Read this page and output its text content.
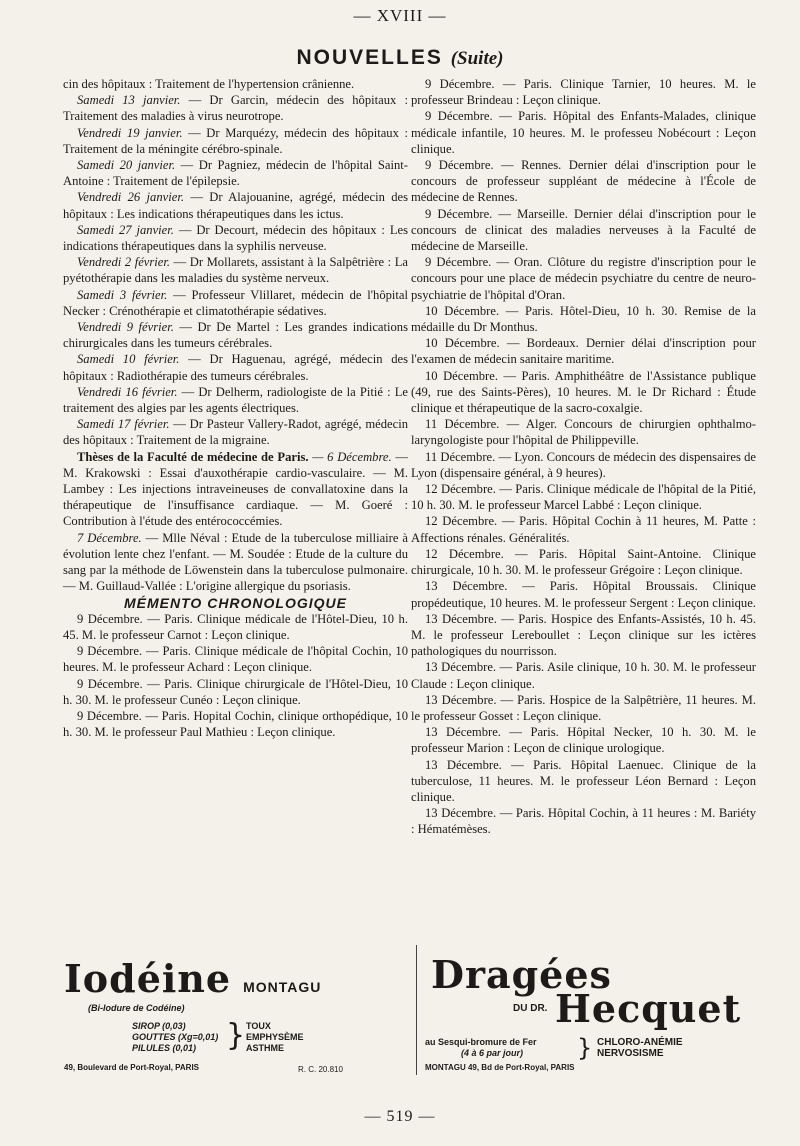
— XVIII —
NOUVELLES (Suite)

cin des hôpitaux : Traitement de l'hypertension crânienne.

Samedi 13 janvier. — Dr Garcin, médecin des hôpitaux : Traitement des maladies à virus neurotrope.

Vendredi 19 janvier. — Dr Marquézy, médecin des hôpitaux : Traitement de la méningite cérébro-spinale.

Samedi 20 janvier. — Dr Pagniez, médecin de l'hôpital Saint-Antoine : Traitement de l'épilepsie.

Vendredi 26 janvier. — Dr Alajouanine, agrégé, médecin des hôpitaux : Les indications thérapeutiques dans les ictus.

Samedi 27 janvier. — Dr Decourt, médecin des hôpitaux : Les indications thérapeutiques dans la syphilis nerveuse.

Vendredi 2 février. — Dr Mollarets, assistant à la Salpêtrière : La pyétothérapie dans les maladies du système nerveux.

Samedi 3 février. — Professeur Vlillaret, médecin de l'hôpital Necker : Crénothérapie et climatothérapie sédatives.

Vendredi 9 février. — Dr De Martel : Les grandes indications chirurgicales dans les tumeurs cérébrales.

Samedi 10 février. — Dr Haguenau, agrégé, médecin des hôpitaux : Radiothérapie des tumeurs cérébrales.

Vendredi 16 février. — Dr Delherm, radiologiste de la Pitié : Le traitement des algies par les agents électriques.

Samedi 17 février. — Dr Pasteur Vallery-Radot, agrégé, médecin des hôpitaux : Traitement de la migraine.

Thèses de la Faculté de médecine de Paris. — 6 Décembre. — M. Krakowski : Essai d'auxothérapie cardio-vasculaire. — M. Lambey : Les injections intraveineuses de convallatoxine dans la thérapeutique de l'insuffisance cardiaque. — M. Goeré : Contribution à l'étude des entérococcémies.

7 Décembre. — Mlle Néval : Etude de la tuberculose milliaire à évolution lente chez l'enfant. — M. Soudée : Etude de la culture du sang par la méthode de Löwenstein dans la tuberculose pulmonaire. — M. Guillaud-Vallée : L'origine allergique du psoriasis.

MÉMENTO CHRONOLOGIQUE

9 Décembre. — Paris. Clinique médicale de l'Hôtel-Dieu, 10 h. 45. M. le professeur Carnot : Leçon clinique.

9 Décembre. — Paris. Clinique médicale de l'hôpital Cochin, 10 heures. M. le professeur Achard : Leçon clinique.

9 Décembre. — Paris. Clinique chirurgicale de l'Hôtel-Dieu, 10 h. 30. M. le professeur Cunéo : Leçon clinique.

9 Décembre. — Paris. Hopital Cochin, clinique orthopédique, 10 h. 30. M. le professeur Paul Mathieu : Leçon clinique.

9 Décembre. — Paris. Clinique Tarnier, 10 heures. M. le professeur Brindeau : Leçon clinique.

9 Décembre. — Paris. Hôpital des Enfants-Malades, clinique médicale infantile, 10 heures. M. le professeu Nobécourt : Leçon clinique.

9 Décembre. — Rennes. Dernier délai d'inscription pour le concours de professeur suppléant de médecine à l'École de médecine de Rennes.

9 Décembre. — Marseille. Dernier délai d'inscription pour le concours de clinicat des maladies nerveuses à la Faculté de médecine de Marseille.

9 Décembre. — Oran. Clôture du registre d'inscription pour le concours pour une place de médecin psychiatre du centre de neuro-psychiatrie de l'hôpital d'Oran.

10 Décembre. — Paris. Hôtel-Dieu, 10 h. 30. Remise de la médaille du Dr Monthus.

10 Décembre. — Bordeaux. Dernier délai d'inscription pour l'examen de médecin sanitaire maritime.

10 Décembre. — Paris. Amphithéâtre de l'Assistance publique (49, rue des Saints-Pères), 10 heures. M. le Dr Richard : Étude clinique et thérapeutique de la sacro-coxalgie.

11 Décembre. — Alger. Concours de chirurgien ophthalmo-laryngologiste pour l'hôpital de Philippeville.

11 Décembre. — Lyon. Concours de médecin des dispensaires de Lyon (dispensaire général, à 9 heures).

12 Décembre. — Paris. Clinique médicale de l'hôpital de la Pitié, 10 h. 30. M. le professeur Marcel Labbé : Leçon clinique.

12 Décembre. — Paris. Hôpital Cochin à 11 heures, M. Patte : Affections rénales. Généralités.

12 Décembre. — Paris. Hôpital Saint-Antoine. Clinique chirurgicale, 10 h. 30. M. le professeur Grégoire : Leçon clinique.

13 Décembre. — Paris. Hôpital Broussais. Clinique propédeutique, 10 heures. M. le professeur Sergent : Leçon clinique.

13 Décembre. — Paris. Hospice des Enfants-Assistés, 10 h. 45. M. le professeur Lereboullet : Leçon clinique sur les ictères pathologiques du nourrisson.

13 Décembre. — Paris. Asile clinique, 10 h. 30. M. le professeur Claude : Leçon clinique.

13 Décembre. — Paris. Hospice de la Salpêtrière, 11 heures. M. le professeur Gosset : Leçon clinique.

13 Décembre. — Paris. Hôpital Necker, 10 h. 30. M. le professeur Marion : Leçon de clinique urologique.

13 Décembre. — Paris. Hôpital Laenuec. Clinique de la tuberculose, 11 heures. M. le professeur Léon Bernard : Leçon clinique.

13 Décembre. — Paris. Hôpital Cochin, à 11 heures : M. Bariéty : Hématémèses.

Iodéine MONTAGU
(Bi-Iodure de Codéine)
SIROP (0,03)
GOUTTES (Xg=0,01)
PILULES (0,01) } TOUX
EMPHYSÈME
ASTHME
49, Boulevard de Port-Royal, PARIS	R. C. 20.810
Dragées
DU DR. Hecquet
au Sesqui-bromure de Fer
(4 à 6 par jour) } CHLORO-ANÉMIE
NERVOSISME
MONTAGU 49, Bd de Port-Royal, PARIS
— 519 —
